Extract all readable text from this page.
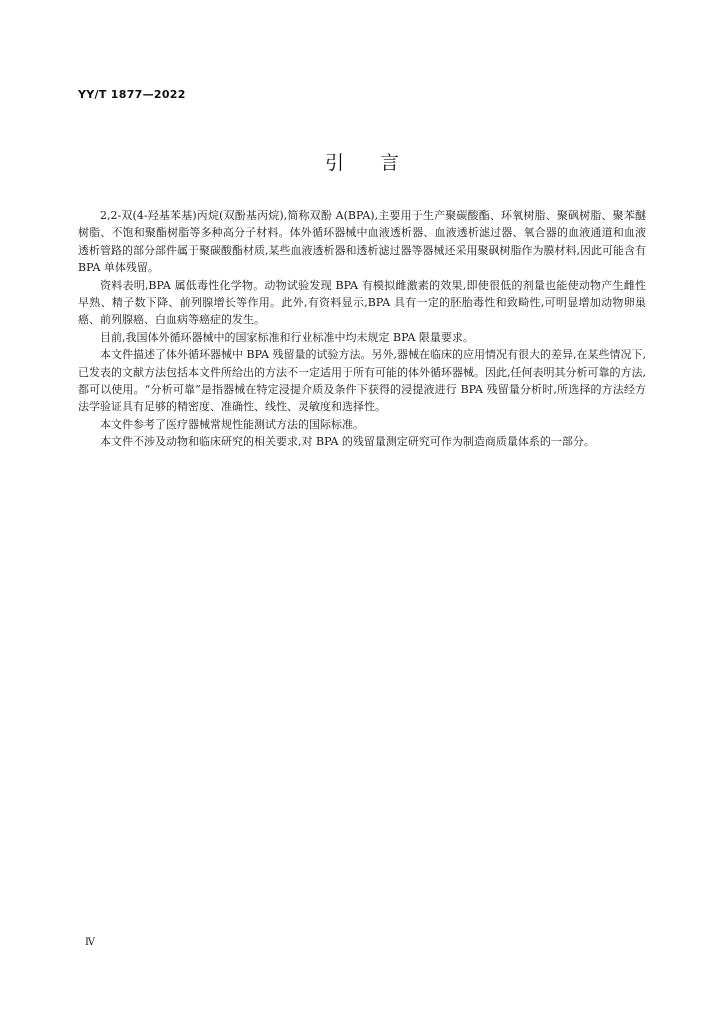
YY/T 1877—2022
引言

2,2-双(4-羟基苯基)丙烷(双酚基丙烷),简称双酚 A(BPA),主要用于生产聚碳酸酯、环氧树脂、聚砜树脂、聚苯醚树脂、不饱和聚酯树脂等多种高分子材料。体外循环器械中血液透析器、血液透析滤过器、氧合器的血液通道和血液透析管路的部分部件属于聚碳酸酯材质,某些血液透析器和透析滤过器等器械还采用聚砜树脂作为膜材料,因此可能含有 BPA 单体残留。

资料表明,BPA 属低毒性化学物。动物试验发现 BPA 有模拟雌激素的效果,即使很低的剂量也能使动物产生雌性早熟、精子数下降、前列腺增长等作用。此外,有资料显示,BPA 具有一定的胚胎毒性和致畸性,可明显增加动物卵巢癌、前列腺癌、白血病等癌症的发生。

目前,我国体外循环器械中的国家标准和行业标准中均未规定 BPA 限量要求。

本文件描述了体外循环器械中 BPA 残留量的试验方法。另外,器械在临床的应用情况有很大的差异,在某些情况下,已发表的文献方法包括本文件所给出的方法不一定适用于所有可能的体外循环器械。因此,任何表明其分析可靠的方法,都可以使用。“分析可靠”是指器械在特定浸提介质及条件下获得的浸提液进行 BPA 残留量分析时,所选择的方法经方法学验证具有足够的精密度、准确性、线性、灵敏度和选择性。

本文件参考了医疗器械常规性能测试方法的国际标准。

本文件不涉及动物和临床研究的相关要求,对 BPA 的残留量测定研究可作为制造商质量体系的一部分。

Ⅳ
